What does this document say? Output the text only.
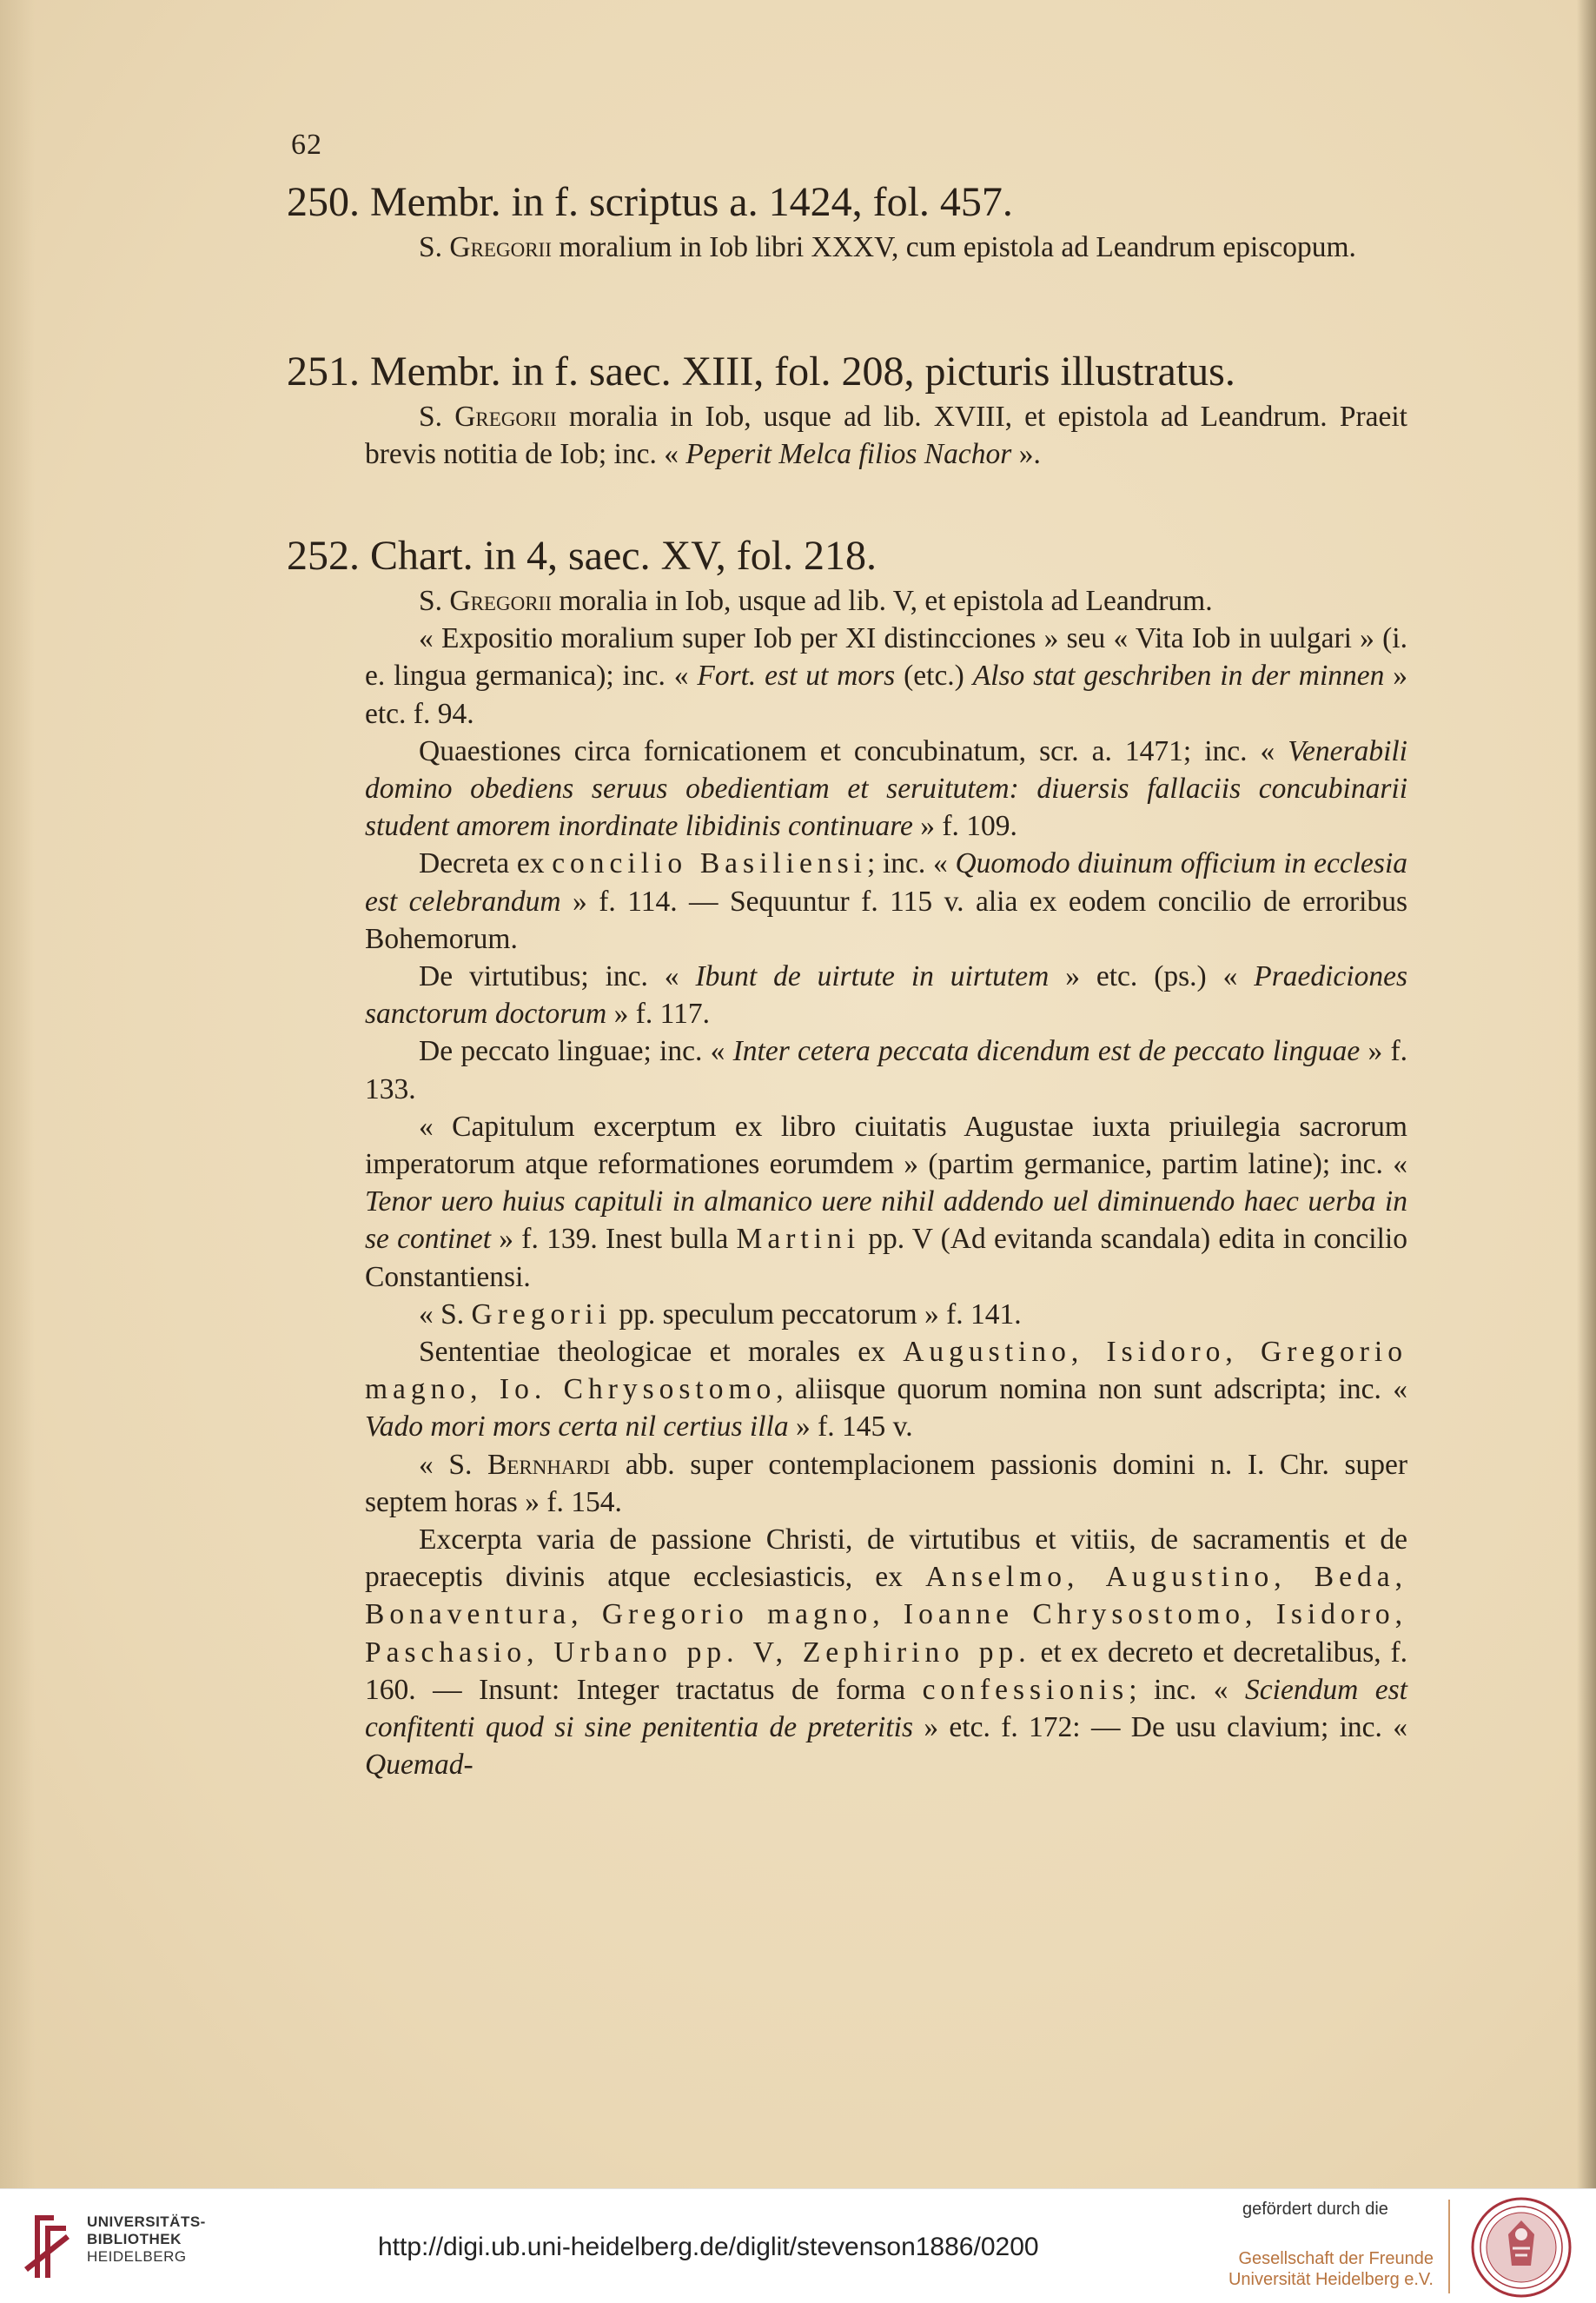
62

250. Membr. in f. scriptus a. 1424, fol. 457.

S. Gregorii moralium in Iob libri XXXV, cum epistola ad Leandrum episcopum.

251. Membr. in f. saec. XIII, fol. 208, picturis illustratus.

S. Gregorii moralia in Iob, usque ad lib. XVIII, et epistola ad Leandrum. Praeit brevis notitia de Iob; inc. « Peperit Melca filios Nachor ».

252. Chart. in 4, saec. XV, fol. 218.

S. Gregorii moralia in Iob, usque ad lib. V, et epistola ad Leandrum.

« Expositio moralium super Iob per XI distincciones » seu « Vita Iob in uulgari » (i. e. lingua germanica); inc. « Fort. est ut mors (etc.) Also stat geschriben in der minnen » etc. f. 94.

Quaestiones circa fornicationem et concubinatum, scr. a. 1471; inc. « Venerabili domino obediens seruus obedientiam et seruitutem: diuersis fallaciis concubinarii student amorem inordinate libidinis continuare » f. 109.

Decreta ex concilio Basiliensi; inc. « Quomodo diuinum officium in ecclesia est celebrandum » f. 114. — Sequuntur f. 115 v. alia ex eodem concilio de erroribus Bohemorum.

De virtutibus; inc. « Ibunt de uirtute in uirtutem » etc. (ps.) « Praediciones sanctorum doctorum » f. 117.

De peccato linguae; inc. « Inter cetera peccata dicendum est de peccato linguae » f. 133.

« Capitulum excerptum ex libro ciuitatis Augustae iuxta priuilegia sacrorum imperatorum atque reformationes eorumdem » (partim germanice, partim latine); inc. « Tenor uero huius capituli in almanico uere nihil addendo uel diminuendo haec uerba in se continet » f. 139. Inest bulla Martini pp. V (Ad evitanda scandala) edita in concilio Constantiensi.

« S. Gregorii pp. speculum peccatorum » f. 141.

Sententiae theologicae et morales ex Augustino, Isidoro, Gregorio magno, Io. Chrysostomo, aliisque quorum nomina non sunt adscripta; inc. « Vado mori mors certa nil certius illa » f. 145 v.

« S. Bernhardi abb. super contemplacionem passionis domini n. I. Chr. super septem horas » f. 154.

Excerpta varia de passione Christi, de virtutibus et vitiis, de sacramentis et de praeceptis divinis atque ecclesiasticis, ex Anselmo, Augustino, Beda, Bonaventura, Gregorio magno, Ioanne Chrysostomo, Isidoro, Paschasio, Urbano pp. V, Zephirino pp. et ex decreto et decretalibus, f. 160. — Insunt: Integer tractatus de forma confessionis; inc. « Sciendum est confitenti quod si sine penitentia de preteritis » etc. f. 172: — De usu clavium; inc. « Quemad-

UNIVERSITÄTS-
BIBLIOTHEK
HEIDELBERG	http://digi.ub.uni-heidelberg.de/diglit/stevenson1886/0200
gefördert durch die
Gesellschaft der Freunde
Universität Heidelberg e.V.
